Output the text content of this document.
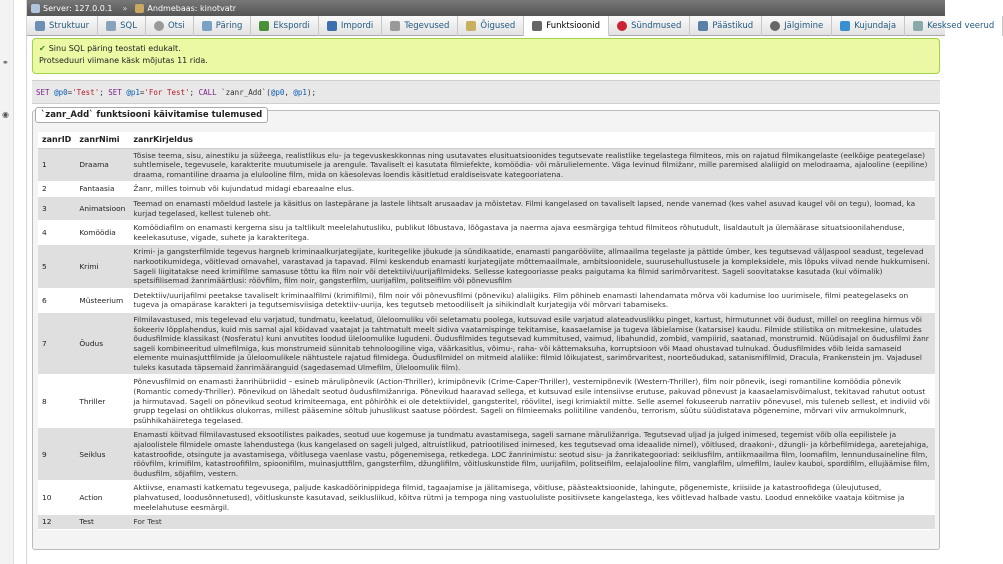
⚭
◉
Server: 127.0.0.1 »	Andmebaas: kinotvatr
Struktuur	SQL	Otsi	Päring	Ekspordi	Impordi	Tegevused	Õigused	Funktsioonid	Sündmused	Päästikud	Jälgimine	Kujundaja	Kesksed veerud
✔ Sinu SQL päring teostati edukalt.
Protseduuri viimane käsk mõjutas 11 rida.
SET @p0='Test'; SET @p1='For Test'; CALL `zanr_Add`(@p0, @p1);
`zanr_Add` funktsiooni käivitamise tulemused
zanrID	zanrNimi	zanrKirjeldus
1	Draama	Tõsise teema, sisu, ainestiku ja süžeega, realistlikus elu- ja tegevuskeskkonnas ning usutavates elusituatsioonides tegutsevate realistlike tegelastega filmiteos, mis on rajatud filmikangelaste (eelkõige peategelase) suhtlemisele, tegevusele, karakterite muutumisele ja arengule. Tavaliselt ei kasutata filmiefekte, komöödia- või märulielemente. Väga levinud filmižanr, mille paremised alaliigid on melodraama, ajalooline (eepiline) draama, romantiline draama ja elulooline film, mida on käesolevas loendis käsitletud eraldiseisvate kategooriatena.
2	Fantaasia	Žanr, milles toimub või kujundatud midagi ebareaalne elus.
3	Animatsioon	Teemad on enamasti mõeldud lastele ja käsitlus on lastepärane ja lastele lihtsalt arusaadav ja mõistetav. Filmi kangelased on tavaliselt lapsed, nende vanemad (kes vahel asuvad kaugel või on tegu), loomad, ka kurjad tegelased, kellest tuleneb oht.
4	Komöödia	Komöödiafilm on enamasti kergema sisu ja taltlikult meelelahutusliku, publikut lõbustava, lõõgastava ja naerma ajava eesmärgiga tehtud filmiteos rõhutudult, lisaldautult ja ülemäärase situatsioonilahenduse, keelekasutuse, vigade, suhete ja karakteritega.
5	Krimi	Krimi- ja gangsterfilmide tegevus hargneb kriminaalkurjategijate, kuritegelike jõukude ja sündikaatide, enamasti pangarööviite, allmaailma tegelaste ja pättide ümber, kes tegutsevad väljaspool seadust, tegelevad narkootikumidega, võitlevad omavahel, varastavad ja tapavad. Filmi keskendub enamasti kurjategijate mõttemaailmale, ambitsioonidele, suurusehullustusele ja kompleksidele, mis lõpuks viivad nende hukkumiseni. Sageli liigitatakse need krimifilme samasuse tõttu ka film noir või detektiivi/uurijafilmideks. Sellesse kategooriasse peaks paigutama ka filmid sarimõrvaritest. Sageli soovitatakse kasutada (kui võimalik) spetsifilisemad žanrimäärtlusi: röövfilm, film noir, gangsterfilm, uurijafilm, politseifilm või põnevusfilm
6	Müsteerium	Detektiiv/uurijafilmi peetakse tavaliselt kriminaalfilmi (krimifilmi), film noir või põnevusfilmi (põneviku) alaliigiks. Film põhineb enamasti lahendamata mõrva või kadumise loo uurimisele, filmi peategelaseks on tugeva ja omapärase karakteri ja tegutsemisviisiga detektiiv-uurija, kes tegutseb metoodiliselt ja sihikindlalt kurjategija või mõrvari tabamiseks.
7	Õudus	Filmilavastused, mis tegelevad elu varjatud, tundmatu, keelatud, üleloomuliku või seletamatu poolega, kutsuvad esile varjatud alateadvuslikku pinget, kartust, hirmutunnet või õudust, millel on reeglina hirmus või šokeeriv lõpplahendus, kuid mis samal ajal köidavad vaatajat ja tahtmatult meelt sidiva vaatamispinge tekitamise, kaasaelamise ja tugeva läbielamise (katarsise) kaudu. Filmide stilistika on mitmekesine, ulatudes õudusfilmide klassikast (Nosferatu) kuni anvutites loodud üleloomulike lugudeni. Õudusfilmides tegutsevad kummitused, vaimud, libahundid, zombid, vampiirid, saatanad, monstrumid. Nüüdisajal on õudusfilmi žanr sageli kombineeritud ulmefilmiga, kus monstrumeid sünnitab tehnoloogiline viga, väärkasitlus, võimu-, raha- või kättemaksuha, korruptsioon või Maad ohustavad tulnukad. Õudusfilmides võib leida samaseid elemente muinasjuttfilmide ja üleloomulikele nähtustele rajatud filmidega. Õudusfilmidel on mitmeid alaliike: filmid lõikujatest, sarimõrvaritest, noorteõudukad, satanismifilmid, Dracula, Frankenstein jm. Vajadusel tuleks kasutada täpsemaid žanrimääranguid (sagedasemad Ulmefilm, Üleloomulik film).
8	Thriller	Põnevusfilmid on enamasti žanrihübriidid – esineb märulipõnevik (Action-Thriller), krimipõnevik (Crime-Caper-Thriller), vesternipõnevik (Western-Thriller), film noir põnevik, isegi romantiline komöödia põnevik (Romantic comedy-Thriller). Põnevikud on lähedalt seotud õudusfilmižanriga. Põnevikud haaravad sellega, et kutsuvad esile intensiivse erutuse, pakuvad põnevust ja kaasaelamisvõimalust, tekitavad rahutut ootust ja hirmutavad. Sageli on põnevikud seotud krimiteemaga, ent põhirõhk ei ole detektiividel, gangsteritel, röövlitel, isegi krimiaktil mitte. Selle asemel fokuseerub narratiiv põnevusel, mis tuleneb sellest, et indiviid või grupp tegelasi on ohtlikkus olukorras, millest pääsemine sõltub juhuslikust saatuse pöördest. Sageli on filmieemaks poliitiline vandenõu, terrorism, süütu süüdistatava põgenemine, mõrvari viiv armukolmnurk, psühhikahäiretega tegelased.
9	Seiklus	Enamasti köitvad filmilavastused eksootilistes paikades, seotud uue kogemuse ja tundmatu avastamisega, sageli sarnane märuližanriga. Tegutsevad uljad ja julged inimesed, tegemist võib olla eepilistele ja ajaloolistele filmidele omaste lahendustega (kus kangelased on sageli julged, altruistlikud, patriootilised inimesed, kes tegutsevad oma ideaalide nimel), võitlused, draakoni-, džungli- ja kõrbefilmidega, aaretejahiga, katastroofide, otsingute ja avastamisega, võitlusega vaenlase vastu, põgenemisega, retkedega. LOC žanrinimistu: seotud sisu- ja žanrikategooriad: seiklusfilm, antiikmaailma film, loomafilm, lennundusaineline film, röövfilm, krimifilm, katastroofifilm, spioonifilm, muinasjuttfilm, gangsterfilm, džunglifilm, võitluskunstide film, uurijafilm, politseifilm, eelajalooline film, vanglafilm, ulmefilm, laulev kauboi, spordifilm, ellujäämise film, õudusfilm, sõjafilm, vestern.
10	Action	Aktiivse, enamasti katkematu tegevusega, paljude kaskadöörinippidega filmid, tagaajamise ja jälitamisega, võitluse, päästeaktsioonide, lahingute, põgenemiste, kriisiide ja katastroofidega (üleujutused, plahvatused, loodusõnnetused), võitluskunste kasutavad, seiklusliikud, kõitva rütmi ja tempoga ning vastuoluliste positiivsete kangelastega, kes võitlevad halbade vastu. Loodud ennekõike vaataja köitmise ja meelelahutuse eesmärgil.
12	Test	For Test
